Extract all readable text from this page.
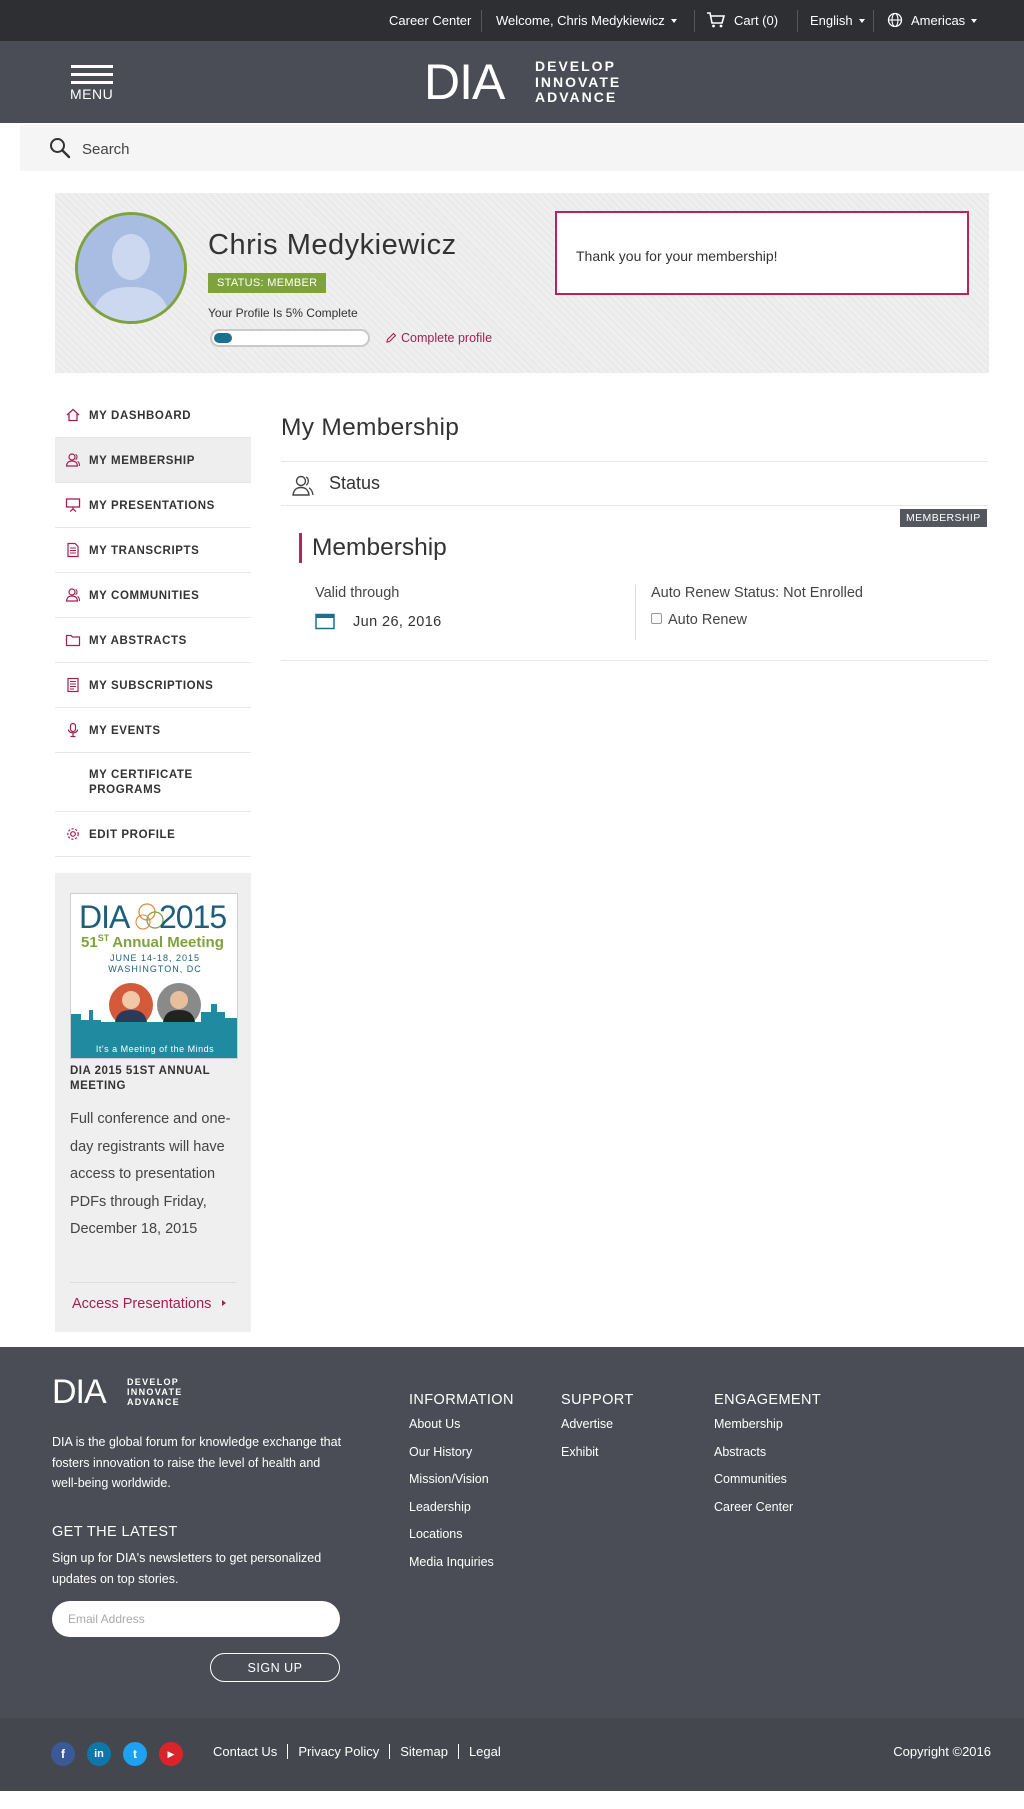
Career Center Welcome, Chris Medykiewicz	Cart (0) English	Americas
MENU	DIA DEVELOP
INNOVATE
ADVANCE
Search
Chris Medykiewicz
STATUS: MEMBER
Your Profile Is 5% Complete
Complete profile
Thank you for your membership!
MY DASHBOARD
MY MEMBERSHIP
MY PRESENTATIONS
MY TRANSCRIPTS
MY COMMUNITIES
MY ABSTRACTS
MY SUBSCRIPTIONS
MY EVENTS
MY CERTIFICATE PROGRAMS
EDIT PROFILE
DIA 2015
51ST Annual Meeting
JUNE 14-18, 2015
WASHINGTON, DC
It's a Meeting of the Minds
DIA 2015 51ST ANNUAL MEETING
Full conference and one-day registrants will have access to presentation PDFs through Friday, December 18, 2015
Access Presentations
My Membership
Status
MEMBERSHIP
Membership
Valid through
Jun 26, 2016
Auto Renew Status: Not Enrolled
Auto Renew
DIA DEVELOP
INNOVATE
ADVANCE
DIA is the global forum for knowledge exchange that fosters innovation to raise the level of health and well-being worldwide.
GET THE LATEST
Sign up for DIA's newsletters to get personalized updates on top stories.
Email Address
SIGN UP
INFORMATION
About Us
Our History
Mission/Vision
Leadership
Locations
Media Inquiries
SUPPORT
Advertise
Exhibit
ENGAGEMENT
Membership
Abstracts
Communities
Career Center
f	in	t	▶	Contact Us Privacy Policy Sitemap Legal	Copyright ©2016
